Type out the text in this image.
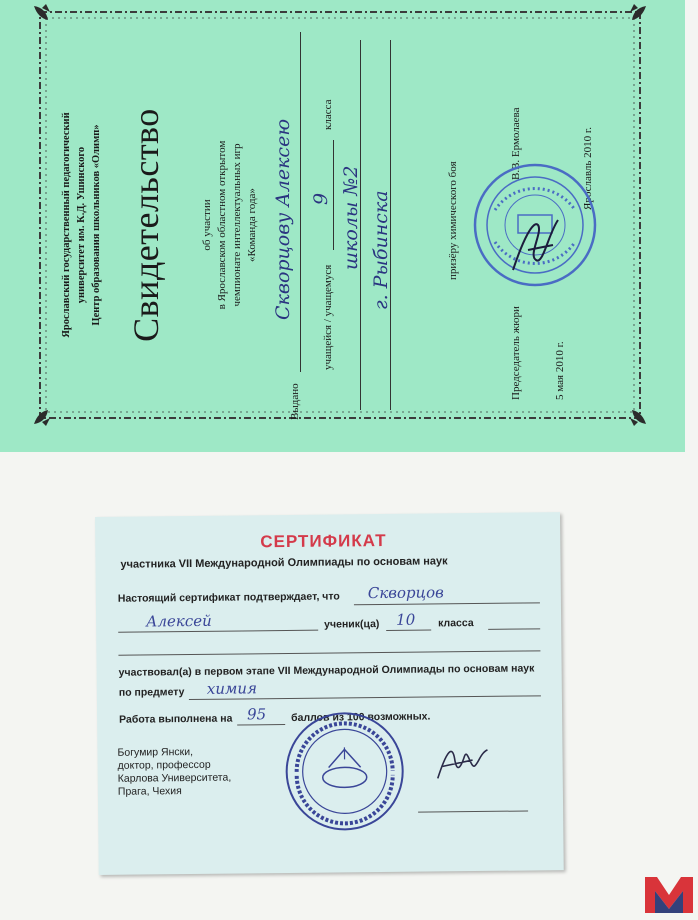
Ярославский государственный педагогический университет им. К.Д. Ушинского Центр образования школьников «Олимп» Свидетельство	об участии в Ярославском областном открытом чемпионате интеллектуальных игр «Команда года»
Выдано
Скворцову Алексею	учащейся / учащемуся
9
класса
школы №2 г. Рыбинска	призёру химического боя
Председатель жюри
В.В. Ермолаева
5 мая 2010 г.
Ярославль 2010 г.
СЕРТИФИКАТ
участника VII Международной Олимпиады по основам наук
Настоящий сертификат подтверждает, что Скворцов
Алексей	ученик(ца) 10 класса
участвовал(а) в первом этапе VII Международной Олимпиады по основам наук
по предмету химия
Работа выполнена на 95 баллов из 100 возможных.
Богумир Янски,
доктор, профессор
Карлова Университета,
Прага, Чехия
